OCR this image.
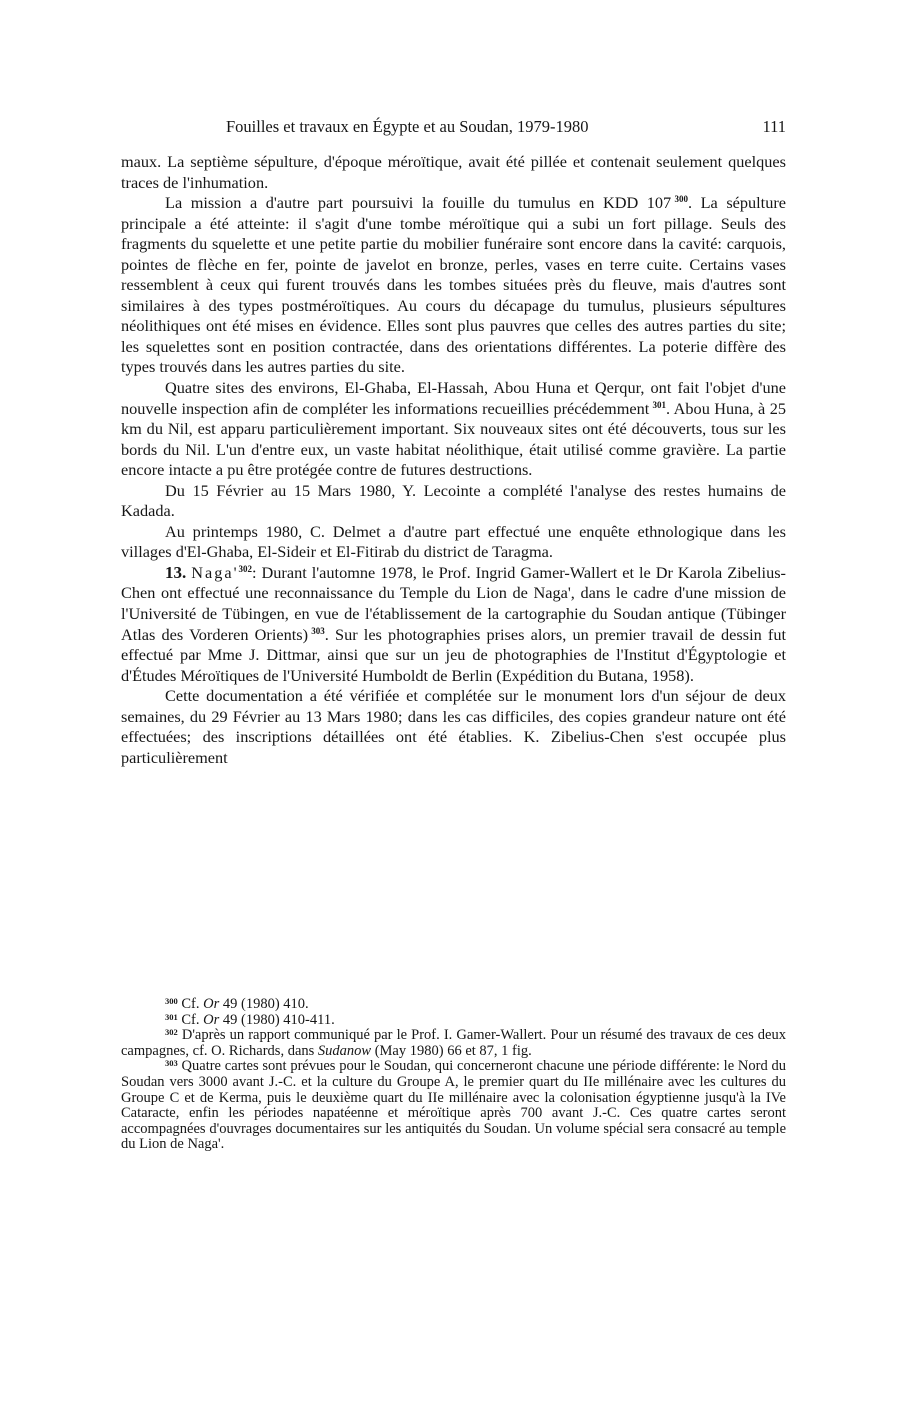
Fouilles et travaux en Égypte et au Soudan, 1979-1980	111

maux. La septième sépulture, d'époque méroïtique, avait été pillée et contenait seulement quelques traces de l'inhumation.

La mission a d'autre part poursuivi la fouille du tumulus en KDD 107  $^{300}$. La sépulture principale a été atteinte: il s'agit d'une tombe méroïtique qui a subi un fort pillage. Seuls des fragments du squelette et une petite partie du mobilier funéraire sont encore dans la cavité: carquois, pointes de flèche en fer, pointe de javelot en bronze, perles, vases en terre cuite. Certains vases ressemblent à ceux qui furent trouvés dans les tombes situées près du fleuve, mais d'autres sont similaires à des types postméroïtiques. Au cours du décapage du tumulus, plusieurs sépultures néolithiques ont été mises en évidence. Elles sont plus pauvres que celles des autres parties du site; les squelettes sont en position contractée, dans des orientations différentes. La poterie diffère des types trouvés dans les autres parties du site.

Quatre sites des environs, El-Ghaba, El-Hassah, Abou Huna et Qerqur, ont fait l'objet d'une nouvelle inspection afin de compléter les informations recueillies précédemment  $^{301}$. Abou Huna, à 25 km du Nil, est apparu particulièrement important. Six nouveaux sites ont été découverts, tous sur les bords du Nil. L'un d'entre eux, un vaste habitat néolithique, était utilisé comme gravière. La partie encore intacte a pu être protégée contre de futures destructions.

Du 15 Février au 15 Mars 1980, Y. Lecointe a complété l'analyse des restes humains de Kadada.

Au printemps 1980, C. Delmet a d'autre part effectué une enquête ethnologique dans les villages d'El-Ghaba, El-Sideir et El-Fitirab du district de Taragma.

13. $Naga'^{302}$: Durant l'automne 1978, le Prof. Ingrid Gamer-Wallert et le Dr Karola Zibelius-Chen ont effectué une reconnaissance du Temple du Lion de Naga', dans le cadre d'une mission de l'Université de Tübingen, en vue de l'établissement de la cartographie du Soudan antique (Tübinger Atlas des Vorderen Orients)  $^{303}$. Sur les photographies prises alors, un premier travail de dessin fut effectué par Mme J. Dittmar, ainsi que sur un jeu de photographies de l'Institut d'Égyptologie et d'Études Méroïtiques de l'Université Humboldt de Berlin (Expédition du Butana, 1958).

Cette documentation a été vérifiée et complétée sur le monument lors d'un séjour de deux semaines, du 29 Février au 13 Mars 1980; dans les cas difficiles, des copies grandeur nature ont été effectuées; des inscriptions détaillées ont été établies. K. Zibelius-Chen s'est occupée plus particulièrement

$^{300}$ Cf. Or 49 (1980) 410.

$^{301}$ Cf. Or 49 (1980) 410-411.

$^{302}$ D'après un rapport communiqué par le Prof. I. Gamer-Wallert. Pour un résumé des travaux de ces deux campagnes, cf. O. Richards, dans Sudanow (May 1980) 66 et 87, 1 fig.

$^{303}$ Quatre cartes sont prévues pour le Soudan, qui concerneront chacune une période différente: le Nord du Soudan vers 3000 avant J.-C. et la culture du Groupe A, le premier quart du IIe millénaire avec les cultures du Groupe C et de Kerma, puis le deuxième quart du IIe millénaire avec la colonisation égyptienne jusqu'à la IVe Cataracte, enfin les périodes napatéenne et méroïtique après 700 avant J.-C. Ces quatre cartes seront accompagnées d'ouvrages documentaires sur les antiquités du Soudan. Un volume spécial sera consacré au temple du Lion de Naga'.
